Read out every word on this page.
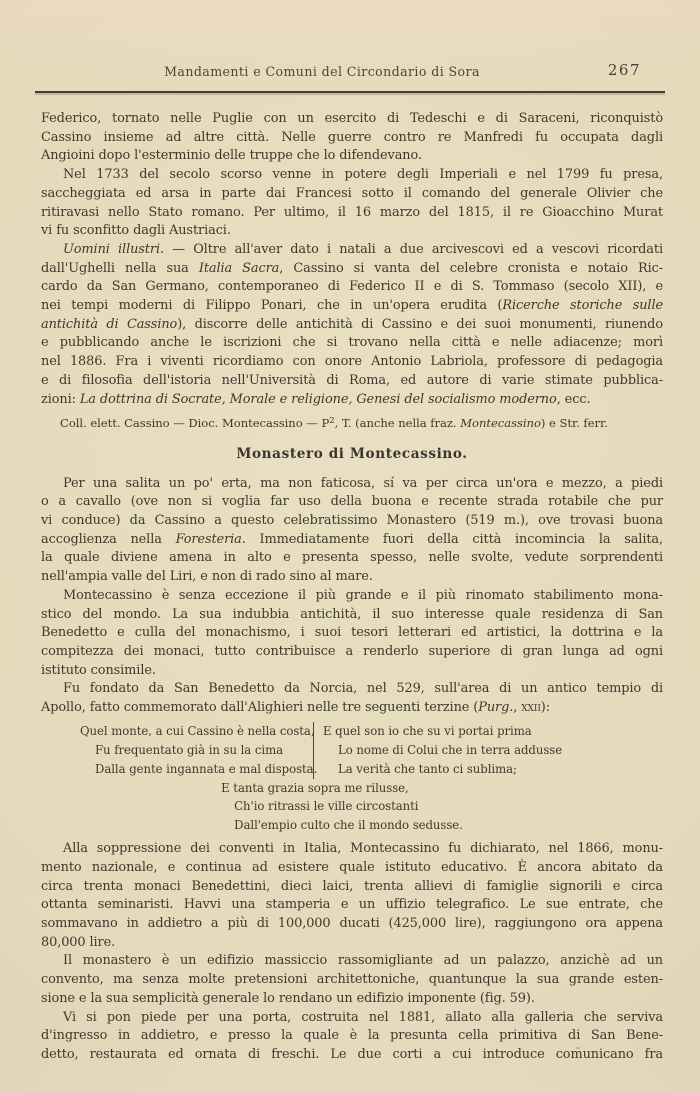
Mandamenti e Comuni del Circondario di Sora	267
Federico, tornato nelle Puglie con un esercito di Tedeschi e di Saraceni, riconquistò
Cassino insieme ad altre città. Nelle guerre contro re Manfredi fu occupata dagli
Angioini dopo l'esterminio delle truppe che lo difendevano.
Nel 1733 del secolo scorso venne in potere degli Imperiali e nel 1799 fu presa,
saccheggiata ed arsa in parte dai Francesi sotto il comando del generale Olivier che
ritiravasi nello Stato romano. Per ultimo, il 16 marzo del 1815, il re Gioacchino Murat
vi fu sconfitto dagli Austriaci.
Uomini illustri. — Oltre all'aver dato i natali a due arcivescovi ed a vescovi ricordati
dall'Ughelli nella sua Italia Sacra, Cassino si vanta del celebre cronista e notaio Ric-
cardo da San Germano, contemporaneo di Federico II e di S. Tommaso (secolo XII), e
nei tempi moderni di Filippo Ponari, che in un'opera erudita (Ricerche storiche sulle
antichità di Cassino), discorre delle antichità di Cassino e dei suoi monumenti, riunendo
e pubblicando anche le iscrizioni che si trovano nella città e nelle adiacenze; morì
nel 1886. Fra i viventi ricordiamo con onore Antonio Labriola, professore di pedagogia
e di filosofia dell'istoria nell'Università di Roma, ed autore di varie stimate pubblica-
zioni: La dottrina di Socrate, Morale e religione, Genesi del socialismo moderno, ecc.
Coll. elett. Cassino — Dioc. Montecassino — $P^2$, T. (anche nella fraz. Montecassino) e Str. ferr.
Monastero di Montecassino.
Per una salita un po' erta, ma non faticosa, sí va per circa un'ora e mezzo, a piedi
o a cavallo (ove non si voglia far uso della buona e recente strada rotabile che pur
vi conduce) da Cassino a questo celebratissimo Monastero (519 m.), ove trovasi buona
accoglienza nella Foresteria. Immediatamente fuori della città incomincia la salita,
la quale diviene amena in alto e presenta spesso, nelle svolte, vedute sorprendenti
nell'ampia valle del Liri, e non di rado sino al mare.
Montecassino è senza eccezione il più grande e il più rinomato stabilimento mona-
stico del mondo. La sua indubbia antichità, il suo interesse quale residenza di San
Benedetto e culla del monachismo, i suoi tesori letterari ed artistici, la dottrina e la
compitezza dei monaci, tutto contribuisce a renderlo superiore di gran lunga ad ogni
istituto consimile.
Fu fondato da San Benedetto da Norcia, nel 529, sull'area di un antico tempio di
Apollo, fatto commemorato dall'Alighieri nelle tre seguenti terzine (Purg., xxii):
Quel monte, a cui Cassino è nella costa,
Fu frequentato già in su la cima
Dalla gente ingannata e mal disposta.
E quel son io che su vi portai prima
Lo nome di Colui che in terra addusse
La verità che tanto ci sublima;
E tanta grazia sopra me rilusse,
Ch'io ritrassi le ville circostanti
Dall'empio culto che il mondo sedusse.
Alla soppressione dei conventi in Italia, Montecassino fu dichiarato, nel 1866, monu-
mento nazionale, e continua ad esistere quale istituto educativo. È ancora abitato da
circa trenta monaci Benedettini, dieci laici, trenta allievi di famiglie signorili e circa
ottanta seminaristi. Havvi una stamperia e un uffizio telegrafico. Le sue entrate, che
sommavano in addietro a più di 100,000 ducati (425,000 lire), raggiungono ora appena
80,000 lire.
Il monastero è un edifizio massiccio rassomigliante ad un palazzo, anzichè ad un
convento, ma senza molte pretensioni architettoniche, quantunque la sua grande esten-
sione e la sua semplicità generale lo rendano un edifizio imponente (fig. 59).
Vi si pon piede per una porta, costruita nel 1881, allato alla galleria che serviva
d'ingresso in addietro, e presso la quale è la presunta cella primitiva di San Bene-
detto, restaurata ed ornata di freschi. Le due corti a cui introduce comunicano fra
